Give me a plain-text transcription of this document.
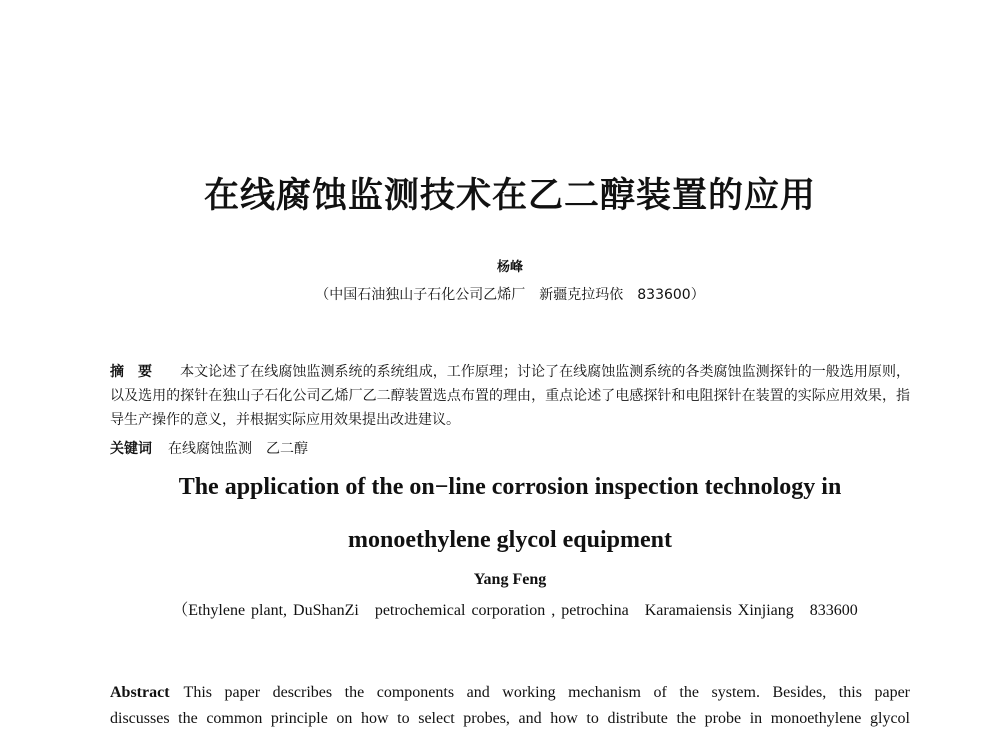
在线腐蚀监测技术在乙二醇装置的应用
杨峰
（中国石油独山子石化公司乙烯厂　新疆克拉玛依　833600）
摘要 本文论述了在线腐蚀监测系统的系统组成，工作原理；讨论了在线腐蚀监测系统的各类腐蚀监测探针的一般选用原则，以及选用的探针在独山子石化公司乙烯厂乙二醇装置选点布置的理由，重点论述了电感探针和电阻探针在装置的实际应用效果，指导生产操作的意义，并根据实际应用效果提出改进建议。
关键词 在线腐蚀监测　乙二醇
The application of the on−line corrosion inspection technology in
monoethylene glycol equipment
Yang Feng
（Ethylene plant, DuShanZi　petrochemical corporation , petrochina　Karamaiensis Xinjiang　833600
Abstract This paper describes the components and working mechanism of the system. Besides, this paper
discusses the common principle on how to select probes, and how to distribute the probe in monoethylene glycol
